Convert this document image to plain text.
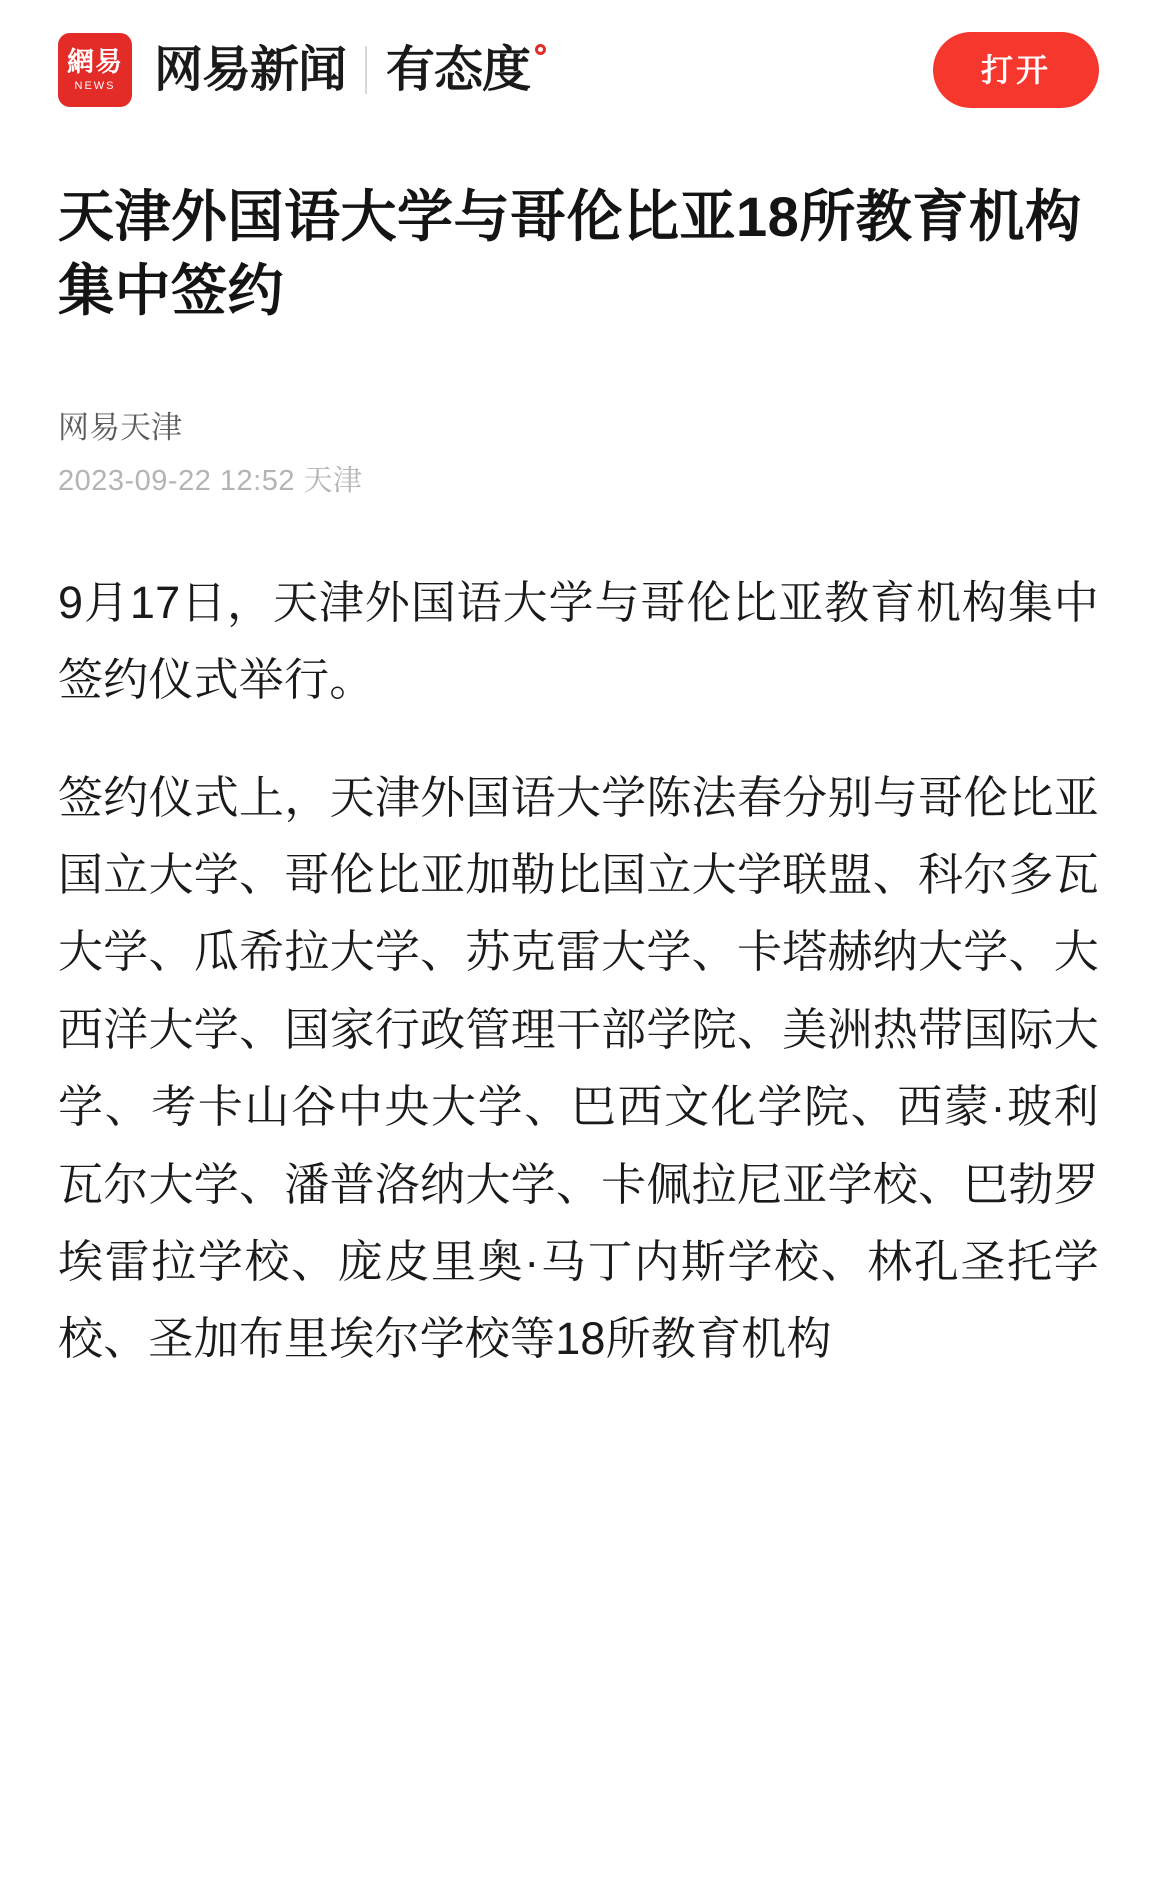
網易
NEWS 网易新闻 有态度	打开
天津外国语大学与哥伦比亚18所教育机构集中签约
网易天津
2023-09-22 12:52 天津

9月17日，天津外国语大学与哥伦比亚教育机构集中签约仪式举行。

签约仪式上，天津外国语大学陈法春分别与哥伦比亚国立大学、哥伦比亚加勒比国立大学联盟、科尔多瓦大学、瓜希拉大学、苏克雷大学、卡塔赫纳大学、大西洋大学、国家行政管理干部学院、美洲热带国际大学、考卡山谷中央大学、巴西文化学院、西蒙·玻利瓦尔大学、潘普洛纳大学、卡佩拉尼亚学校、巴勃罗埃雷拉学校、庞皮里奥·马丁内斯学校、林孔圣托学校、圣加布里埃尔学校等18所教育机构
